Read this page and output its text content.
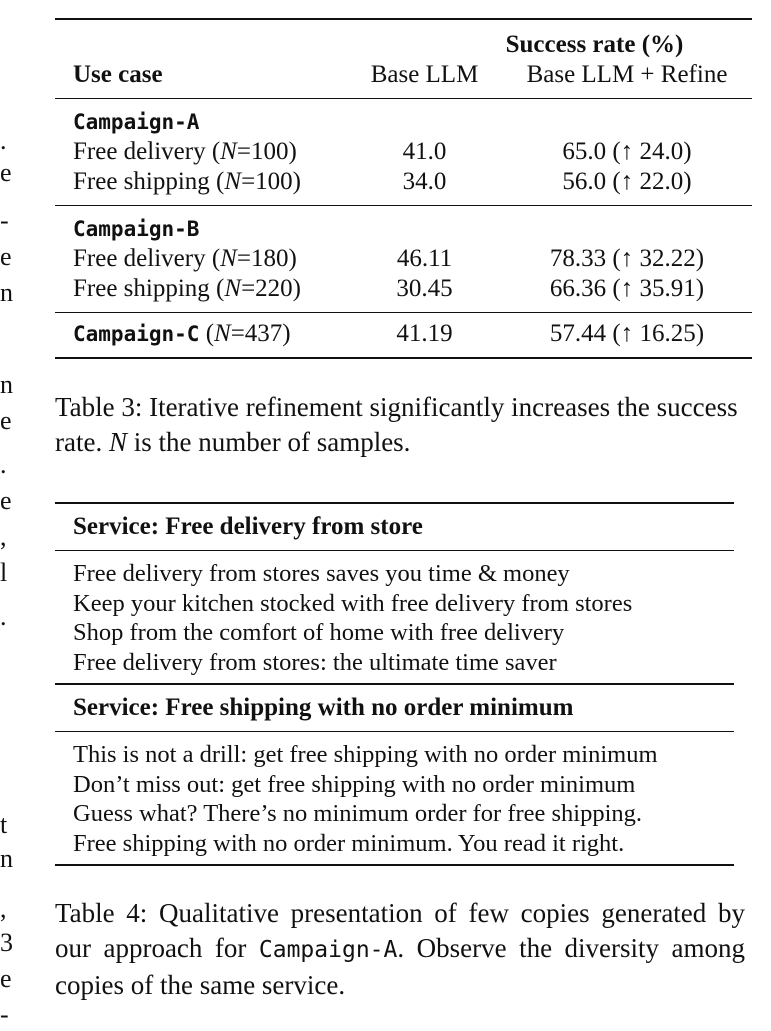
.
e
-
e
n
n
e
.
e
,
l
.
t
n
,
3
e
-
	Success rate (%)	
Use case	Base LLM	Base LLM + Refine
Campaign-A		
Free delivery (N=100)	41.0	65.0 (↑ 24.0)
Free shipping (N=100)	34.0	56.0 (↑ 22.0)
Campaign-B		
Free delivery (N=180)	46.11	78.33 (↑ 32.22)
Free shipping (N=220)	30.45	66.36 (↑ 35.91)
Campaign-C (N=437)	41.19	57.44 (↑ 16.25)
Table 3: Iterative refinement significantly increases the success rate. N is the number of samples.
Service: Free delivery from store
Free delivery from stores saves you time & money
Keep your kitchen stocked with free delivery from stores
Shop from the comfort of home with free delivery
Free delivery from stores: the ultimate time saver
Service: Free shipping with no order minimum
This is not a drill: get free shipping with no order minimum
Don’t miss out: get free shipping with no order minimum
Guess what? There’s no minimum order for free shipping.
Free shipping with no order minimum. You read it right.
Table 4: Qualitative presentation of few copies generated by our approach for Campaign-A. Observe the diversity among copies of the same service.
